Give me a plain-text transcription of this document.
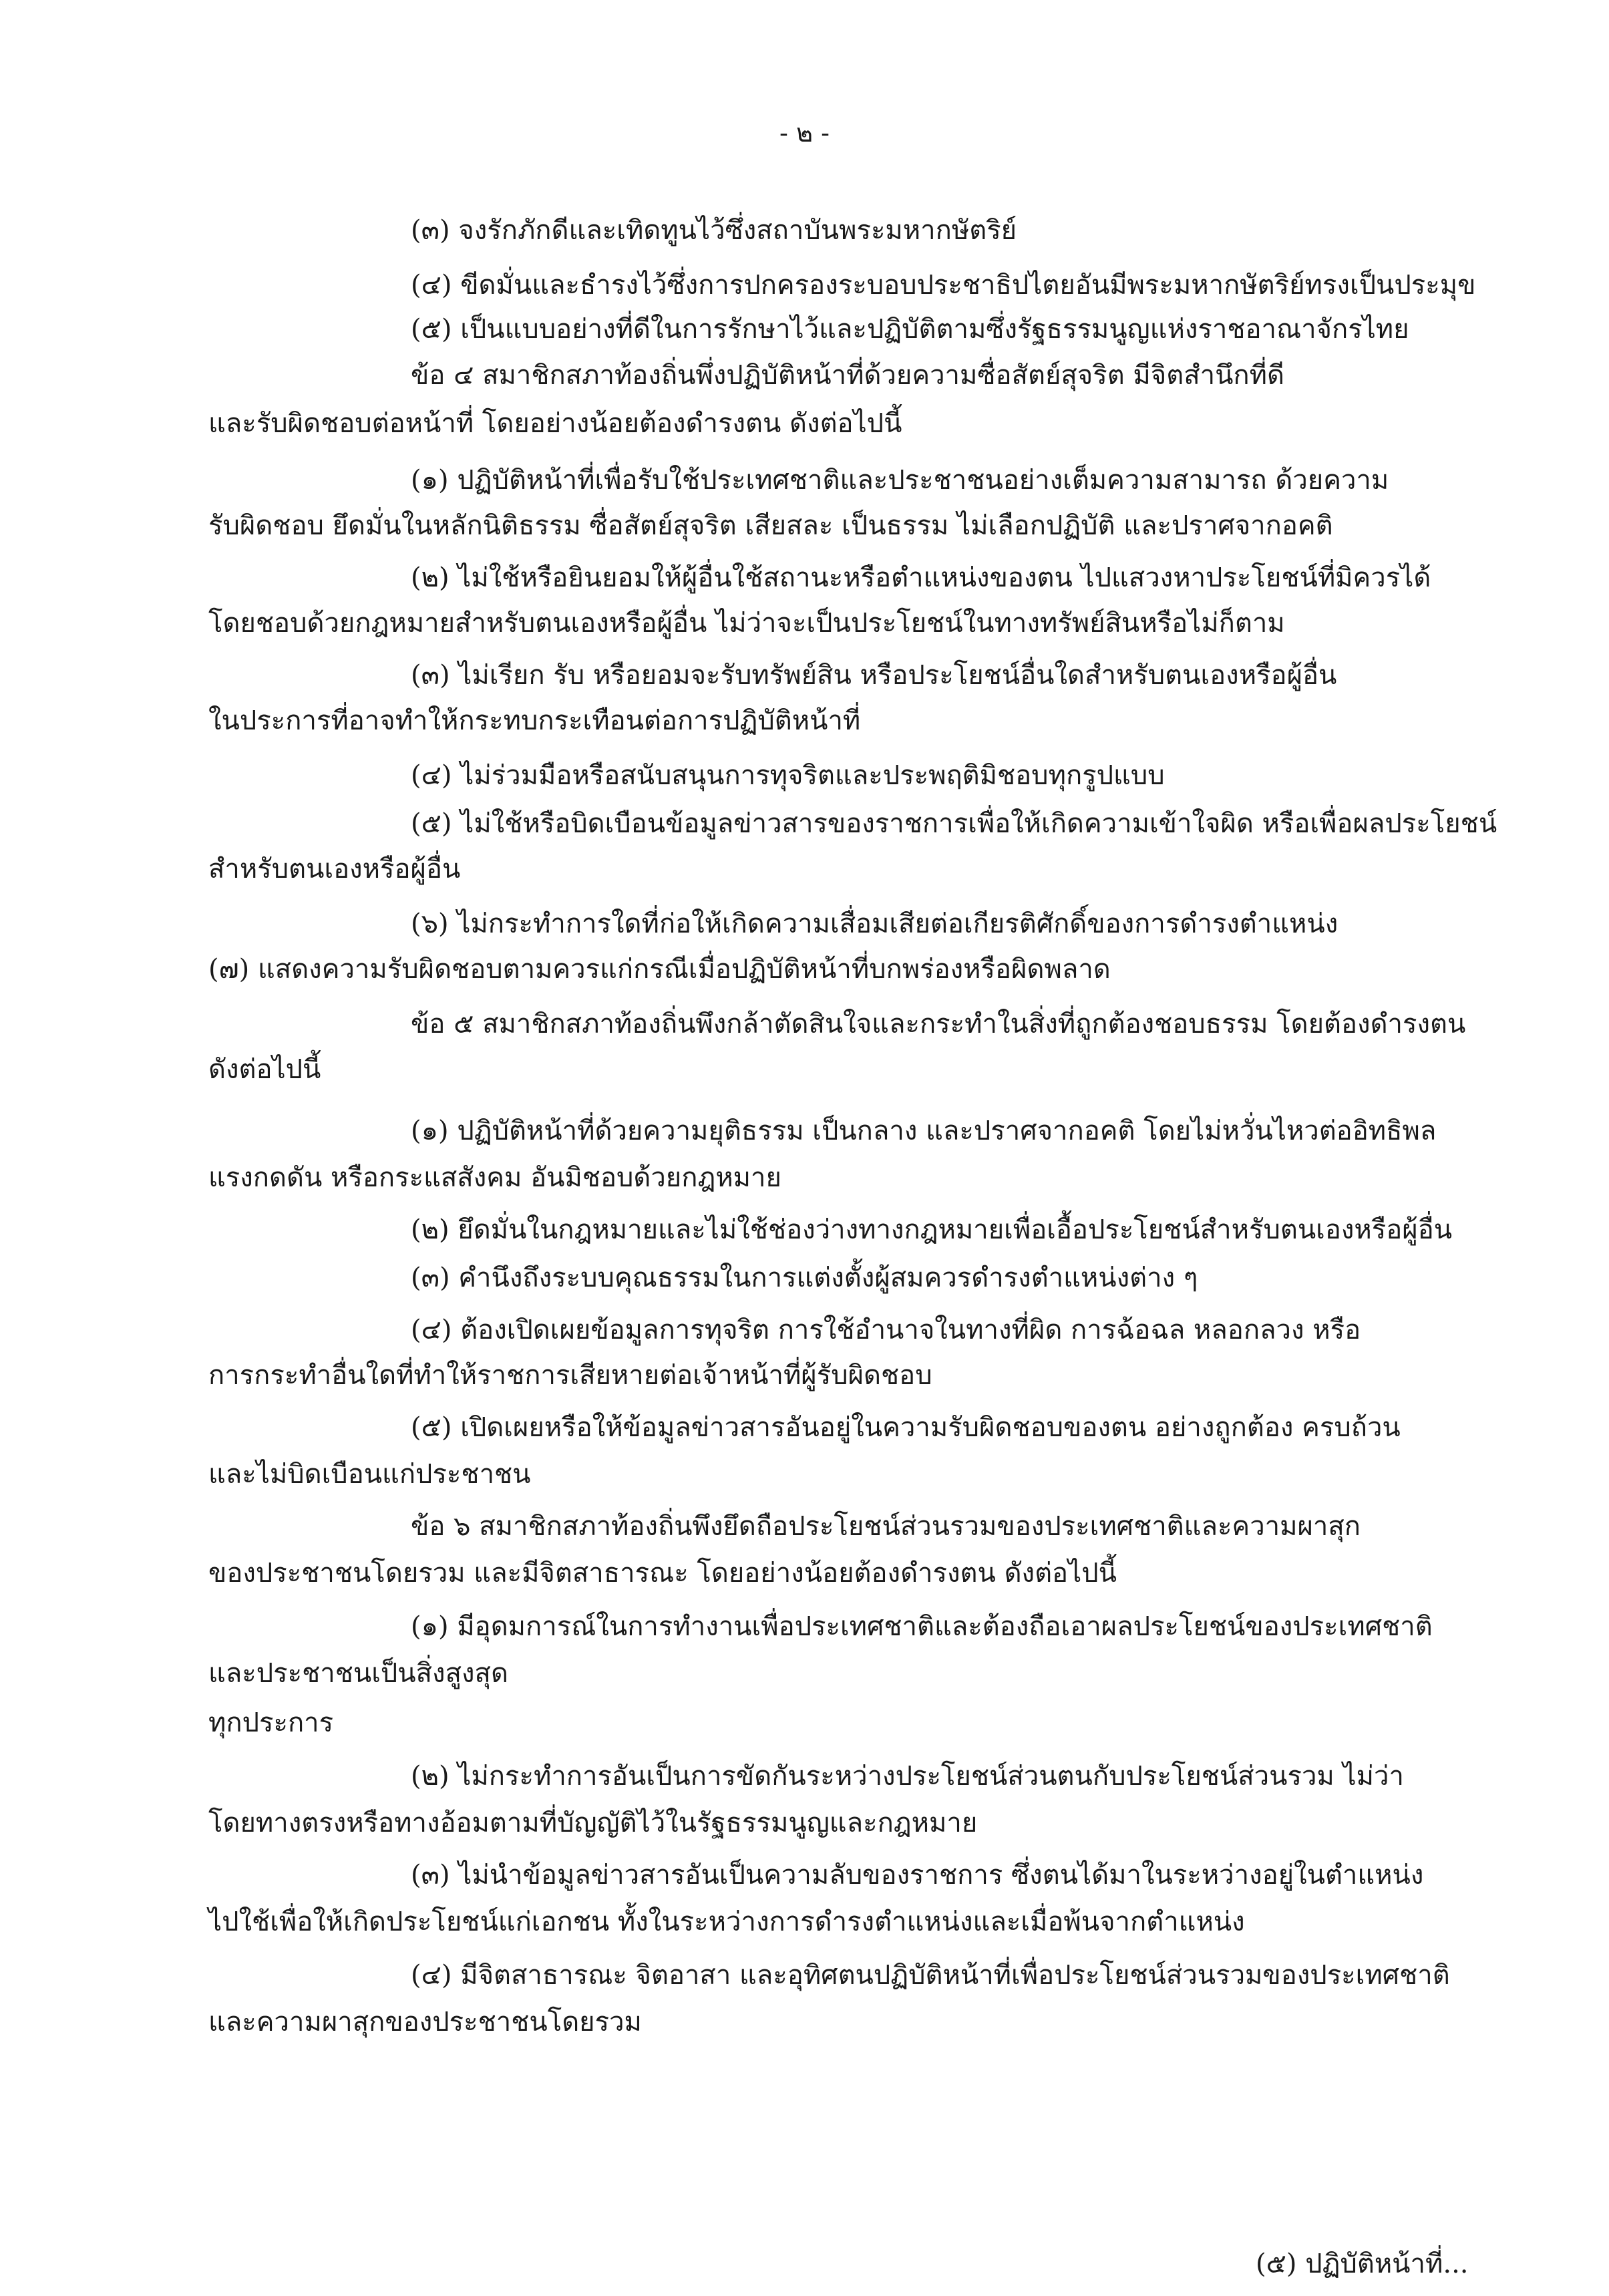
- ๒ -
(๓) จงรักภักดีและเทิดทูนไว้ซึ่งสถาบันพระมหากษัตริย์
(๔) ขีดมั่นและธำรงไว้ซึ่งการปกครองระบอบประชาธิปไตยอันมีพระมหากษัตริย์ทรงเป็นประมุข
(๕) เป็นแบบอย่างที่ดีในการรักษาไว้และปฏิบัติตามซึ่งรัฐธรรมนูญแห่งราชอาณาจักรไทย
ข้อ ๔ สมาชิกสภาท้องถิ่นพึ่งปฏิบัติหน้าที่ด้วยความซื่อสัตย์สุจริต มีจิตสำนึกที่ดี
และรับผิดชอบต่อหน้าที่ โดยอย่างน้อยต้องดำรงตน ดังต่อไปนี้
(๑) ปฏิบัติหน้าที่เพื่อรับใช้ประเทศชาติและประชาชนอย่างเต็มความสามารถ ด้วยความ
รับผิดชอบ ยึดมั่นในหลักนิติธรรม ซื่อสัตย์สุจริต เสียสละ เป็นธรรม ไม่เลือกปฏิบัติ และปราศจากอคติ
(๒) ไม่ใช้หรือยินยอมให้ผู้อื่นใช้สถานะหรือตำแหน่งของตน ไปแสวงหาประโยชน์ที่มิควรได้
โดยชอบด้วยกฎหมายสำหรับตนเองหรือผู้อื่น ไม่ว่าจะเป็นประโยชน์ในทางทรัพย์สินหรือไม่ก็ตาม
(๓) ไม่เรียก รับ หรือยอมจะรับทรัพย์สิน หรือประโยชน์อื่นใดสำหรับตนเองหรือผู้อื่น
ในประการที่อาจทำให้กระทบกระเทือนต่อการปฏิบัติหน้าที่
(๔) ไม่ร่วมมือหรือสนับสนุนการทุจริตและประพฤติมิชอบทุกรูปแบบ
(๕) ไม่ใช้หรือบิดเบือนข้อมูลข่าวสารของราชการเพื่อให้เกิดความเข้าใจผิด หรือเพื่อผลประโยชน์
สำหรับตนเองหรือผู้อื่น
(๖) ไม่กระทำการใดที่ก่อให้เกิดความเสื่อมเสียต่อเกียรติศักดิ์ของการดำรงตำแหน่ง
(๗) แสดงความรับผิดชอบตามควรแก่กรณีเมื่อปฏิบัติหน้าที่บกพร่องหรือผิดพลาด
ข้อ ๕ สมาชิกสภาท้องถิ่นพึงกล้าตัดสินใจและกระทำในสิ่งที่ถูกต้องชอบธรรม โดยต้องดำรงตน
ดังต่อไปนี้
(๑) ปฏิบัติหน้าที่ด้วยความยุติธรรม เป็นกลาง และปราศจากอคติ โดยไม่หวั่นไหวต่ออิทธิพล
แรงกดดัน หรือกระแสสังคม อันมิชอบด้วยกฎหมาย
(๒) ยึดมั่นในกฎหมายและไม่ใช้ช่องว่างทางกฎหมายเพื่อเอื้อประโยชน์สำหรับตนเองหรือผู้อื่น
(๓) คำนึงถึงระบบคุณธรรมในการแต่งตั้งผู้สมควรดำรงตำแหน่งต่าง ๆ
(๔) ต้องเปิดเผยข้อมูลการทุจริต การใช้อำนาจในทางที่ผิด การฉ้อฉล หลอกลวง หรือ
การกระทำอื่นใดที่ทำให้ราชการเสียหายต่อเจ้าหน้าที่ผู้รับผิดชอบ
(๕) เปิดเผยหรือให้ข้อมูลข่าวสารอันอยู่ในความรับผิดชอบของตน อย่างถูกต้อง ครบถ้วน
และไม่บิดเบือนแก่ประชาชน
ข้อ ๖ สมาชิกสภาท้องถิ่นพึงยึดถือประโยชน์ส่วนรวมของประเทศชาติและความผาสุก
ของประชาชนโดยรวม และมีจิตสาธารณะ โดยอย่างน้อยต้องดำรงตน ดังต่อไปนี้
(๑) มีอุดมการณ์ในการทำงานเพื่อประเทศชาติและต้องถือเอาผลประโยชน์ของประเทศชาติ
และประชาชนเป็นสิ่งสูงสุด
ทุกประการ
(๒) ไม่กระทำการอันเป็นการขัดกันระหว่างประโยชน์ส่วนตนกับประโยชน์ส่วนรวม ไม่ว่า
โดยทางตรงหรือทางอ้อมตามที่บัญญัติไว้ในรัฐธรรมนูญและกฎหมาย
(๓) ไม่นำข้อมูลข่าวสารอันเป็นความลับของราชการ ซึ่งตนได้มาในระหว่างอยู่ในตำแหน่ง
ไปใช้เพื่อให้เกิดประโยชน์แก่เอกชน ทั้งในระหว่างการดำรงตำแหน่งและเมื่อพ้นจากตำแหน่ง
(๔) มีจิตสาธารณะ จิตอาสา และอุทิศตนปฏิบัติหน้าที่เพื่อประโยชน์ส่วนรวมของประเทศชาติ
และความผาสุกของประชาชนโดยรวม
(๕) ปฏิบัติหน้าที่...
